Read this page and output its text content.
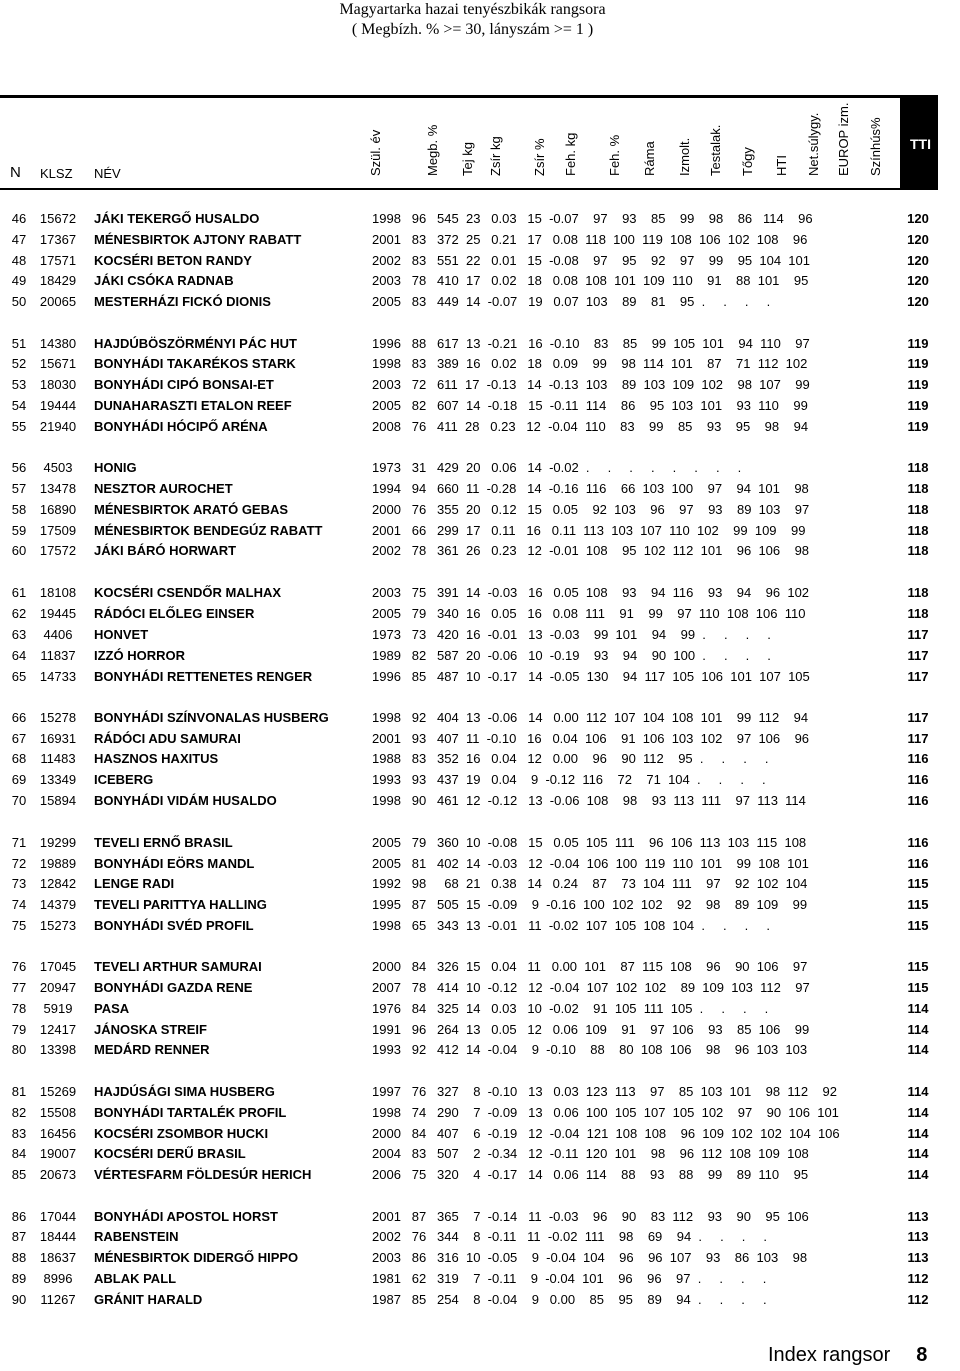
Magyartarka hazai tenyészbikák rangsora
( Megbízh. % >= 30, lányszám >= 1 )
TTI
N KLSZ NÉV	Szül. év	Megb. % Tej kg Zsír kg Zsír % Feh. kg Feh. % Ráma Izmolt. Testalak. Tőgy HTI Net.súlygy. EUROP izm. Színhús%
46	15672	JÁKI TEKERGŐ HUSALDO	1998   96   545  23   0.03   15  -0.07    97    93    85    99    98    86   114    96	120
47	17367	MÉNESBIRTOK AJTONY RABATT	2001   83   372  25   0.21   17   0.08  118  100  119  108  106  102  108    96	120
48	17571	KOCSÉRI BETON RANDY	2002   83   551  22   0.01   15  -0.08    97    95    92    97    99    95  104  101	120
49	18429	JÁKI CSÓKA RADNAB	2003   78   410  17   0.02   18   0.08  108  101  109  110    91    88  101    95	120
50	20065	MESTERHÁZI FICKÓ DIONIS	2005   83   449  14  -0.07   19   0.07  103    89    81    95  .     .     .     .	120
51	14380	HAJDÚBÖSZÖRMÉNYI PÁC HUT	1996   88   617  13  -0.21   16  -0.10    83    85    99  105  101    94  110    97	119
52	15671	BONYHÁDI TAKARÉKOS STARK	1998   83   389  16   0.02   18   0.09    99    98  114  101    87    71  112  102	119
53	18030	BONYHÁDI CIPÓ BONSAI-ET	2003   72   611  17  -0.13   14  -0.13  103    89  103  109  102    98  107    99	119
54	19444	DUNAHARASZTI ETALON REEF	2005   82   607  14  -0.18   15  -0.11  114    86    95  103  101    93  110    99	119
55	21940	BONYHÁDI HÓCIPŐ ARÉNA	2008   76   411  28   0.23   12  -0.04  110    83    99    85    93    95    98    94	119
56	4503	HONIG	1973   31   429  20   0.06   14  -0.02  .     .     .     .     .     .     .     .	118
57	13478	NESZTOR AUROCHET	1994   94   660  11  -0.28   14  -0.16  116    66  103  100    97    94  101    98	118
58	16890	MÉNESBIRTOK ARATÓ GEBAS	2000   76   355  20   0.12   15   0.05    92  103    96    97    93    89  103    97	118
59	17509	MÉNESBIRTOK BENDEGÚZ RABATT	2001   66   299  17   0.11   16   0.11  113  103  107  110  102    99  109    99	118
60	17572	JÁKI BÁRÓ HORWART	2002   78   361  26   0.23   12  -0.01  108    95  102  112  101    96  106    98	118
61	18108	KOCSÉRI CSENDŐR MALHAX	2003   75   391  14  -0.03   16   0.05  108    93    94  116    93    94    96  102	118
62	19445	RÁDÓCI ELŐLEG EINSER	2005   79   340  16   0.05   16   0.08  111    91    99    97  110  108  106  110	118
63	4406	HONVET	1973   73   420  16  -0.01   13  -0.03    99  101    94    99  .     .     .     .	117
64	11837	IZZÓ HORROR	1989   82   587  20  -0.06   10  -0.19    93    94    90  100  .     .     .     .	117
65	14733	BONYHÁDI RETTENETES RENGER	1996   85   487  10  -0.17   14  -0.05  130    94  117  105  106  101  107  105	117
66	15278	BONYHÁDI SZÍNVONALAS HUSBERG	1998   92   404  13  -0.06   14   0.00  112  107  104  108  101    99  112    94	117
67	16931	RÁDÓCI ADU SAMURAI	2001   93   407  11  -0.10   16   0.04  106    91  106  103  102    97  106    96	117
68	11483	HASZNOS HAXITUS	1988   83   352  16   0.04   12   0.00    96    90  112    95  .     .     .     .	116
69	13349	ICEBERG	1993   93   437  19   0.04    9  -0.12  116    72    71  104  .     .     .     .	116
70	15894	BONYHÁDI VIDÁM HUSALDO	1998   90   461  12  -0.12   13  -0.06  108    98    93  113  111    97  113  114	116
71	19299	TEVELI ERNŐ BRASIL	2005   79   360  10  -0.08   15   0.05  105  111    96  106  113  103  115  108	116
72	19889	BONYHÁDI EÖRS MANDL	2005   81   402  14  -0.03   12  -0.04  106  100  119  110  101    99  108  101	116
73	12842	LENGE RADI	1992   98     68  21   0.38   14   0.24    87    73  104  111    97    92  102  104	115
74	14379	TEVELI PARITTYA HALLING	1995   87   505  15  -0.09    9  -0.16  100  102  102    92    98    89  109    99	115
75	15273	BONYHÁDI SVÉD PROFIL	1998   65   343  13  -0.01   11  -0.02  107  105  108  104  .     .     .     .	115
76	17045	TEVELI ARTHUR SAMURAI	2000   84   326  15   0.04   11   0.00  101    87  115  108    96    90  106    97	115
77	20947	BONYHÁDI GAZDA RENE	2007   78   414  10  -0.12   12  -0.04  107  102  102    89  109  103  112    97	115
78	5919	PASA	1976   84   325  14   0.03   10  -0.02    91  105  111  105  .     .     .     .	114
79	12417	JÁNOSKA STREIF	1991   96   264  13   0.05   12   0.06  109    91    97  106    93    85  106    99	114
80	13398	MEDÁRD RENNER	1993   92   412  14  -0.04    9  -0.10    88    80  108  106    98    96  103  103	114
81	15269	HAJDÚSÁGI SIMA HUSBERG	1997   76   327    8  -0.10   13   0.03  123  113    97    85  103  101    98  112    92	114
82	15508	BONYHÁDI TARTALÉK PROFIL	1998   74   290    7  -0.09   13   0.06  100  105  107  105  102    97    90  106  101	114
83	16456	KOCSÉRI ZSOMBOR HUCKI	2000   84   407    6  -0.19   12  -0.04  121  108  108    96  109  102  102  104  106	114
84	19007	KOCSÉRI DERŰ BRASIL	2004   83   507    2  -0.34   12  -0.11  120  101    98    96  112  108  109  108	114
85	20673	VÉRTESFARM FÖLDESÚR HERICH	2006   75   320    4  -0.17   14   0.06  114    88    93    88    99    89  110    95	114
86	17044	BONYHÁDI APOSTOL HORST	2001   87   365    7  -0.14   11  -0.03    96    90    83  112    93    90    95  106	113
87	18444	RABENSTEIN	2002   76   344    8  -0.11   11  -0.02  111    98    69    94  .     .     .     .	113
88	18637	MÉNESBIRTOK DIDERGŐ HIPPO	2003   86   316  10  -0.05    9  -0.04  104    96    96  107    93    86  103    98	113
89	8996	ABLAK PALL	1981   62   319    7  -0.11    9  -0.04  101    96    96    97  .     .     .     .	112
90	11267	GRÁNIT HARALD	1987   85   254    8  -0.04    9   0.00    85    95    89    94  .     .     .     .	112
Index rangsor 8
